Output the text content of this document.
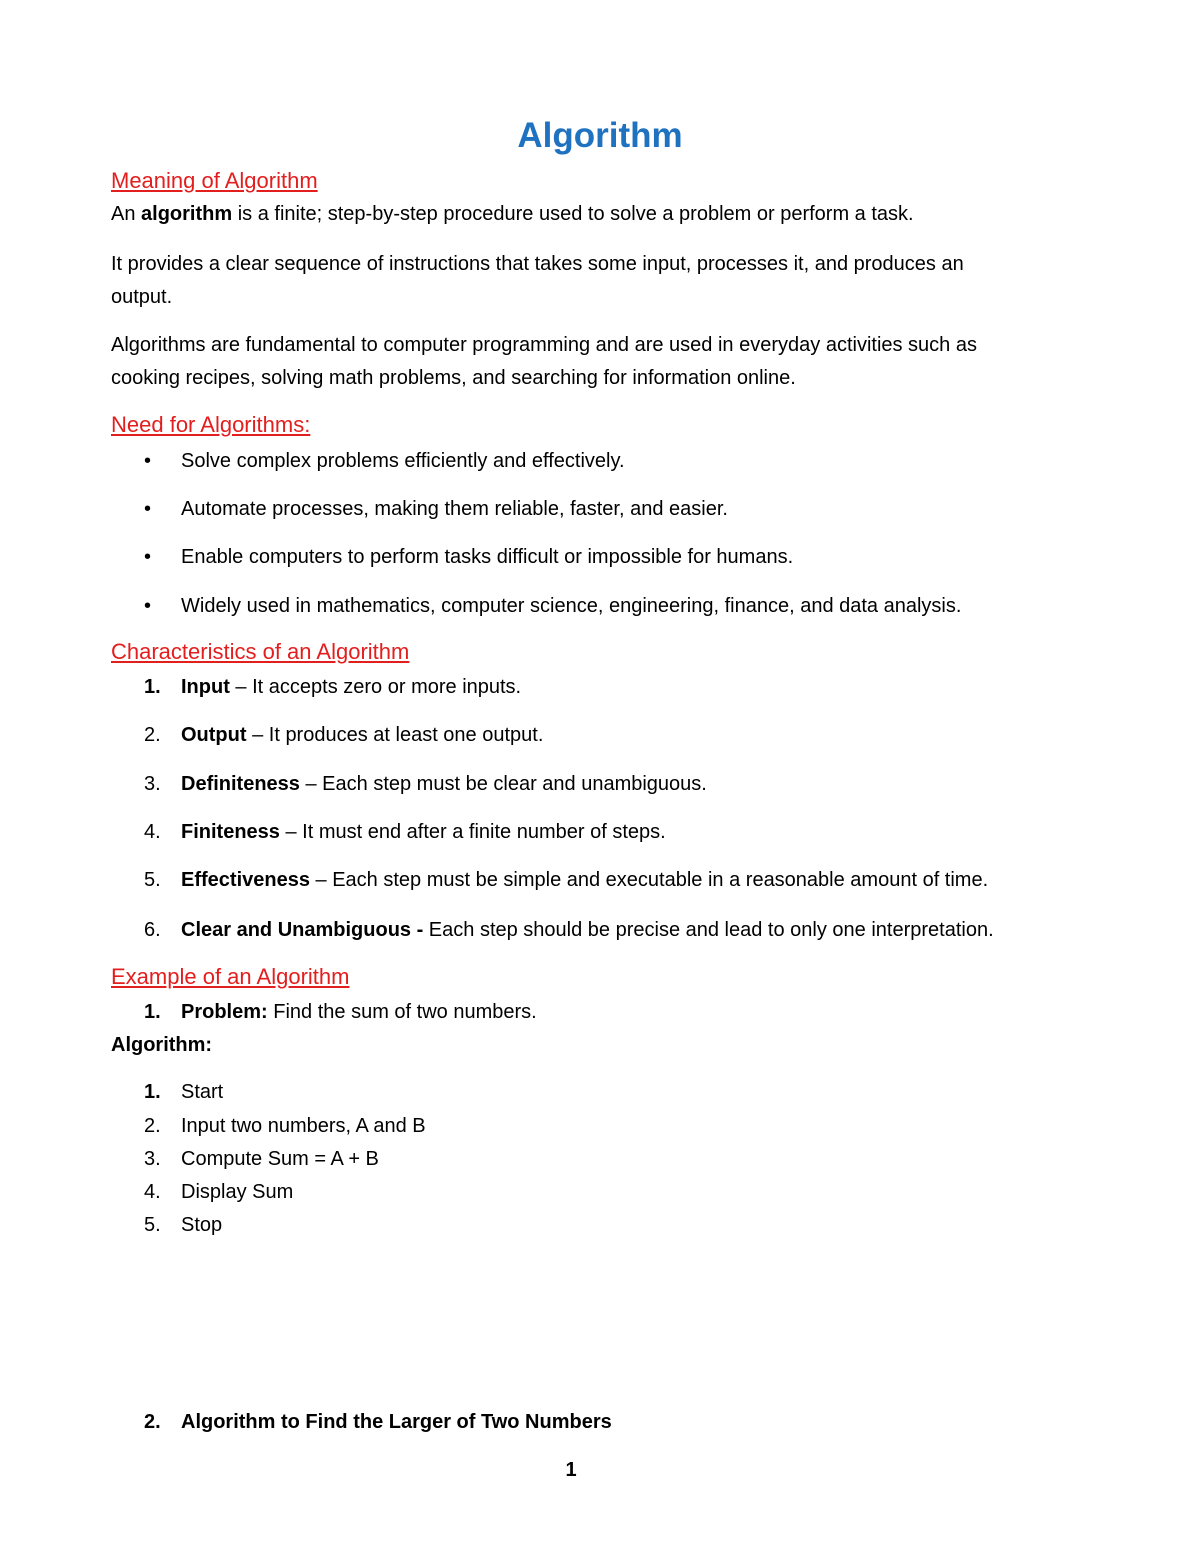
Algorithm
Meaning of Algorithm
An algorithm is a finite; step-by-step procedure used to solve a problem or perform a task.
It provides a clear sequence of instructions that takes some input, processes it, and produces an
output.
Algorithms are fundamental to computer programming and are used in everyday activities such as
cooking recipes, solving math problems, and searching for information online.
Need for Algorithms:
•	Solve complex problems efficiently and effectively.
•	Automate processes, making them reliable, faster, and easier.
•	Enable computers to perform tasks difficult or impossible for humans.
•	Widely used in mathematics, computer science, engineering, finance, and data analysis.
Characteristics of an Algorithm
1.	Input – It accepts zero or more inputs.
2.	Output – It produces at least one output.
3.	Definiteness – Each step must be clear and unambiguous.
4.	Finiteness – It must end after a finite number of steps.
5.	Effectiveness – Each step must be simple and executable in a reasonable amount of time.
6.	Clear and Unambiguous - Each step should be precise and lead to only one interpretation.
Example of an Algorithm
1.	Problem: Find the sum of two numbers.
Algorithm:
1.	Start
2.	Input two numbers, A and B
3.	Compute Sum = A + B
4.	Display Sum
5.	Stop
2.	Algorithm to Find the Larger of Two Numbers
1
